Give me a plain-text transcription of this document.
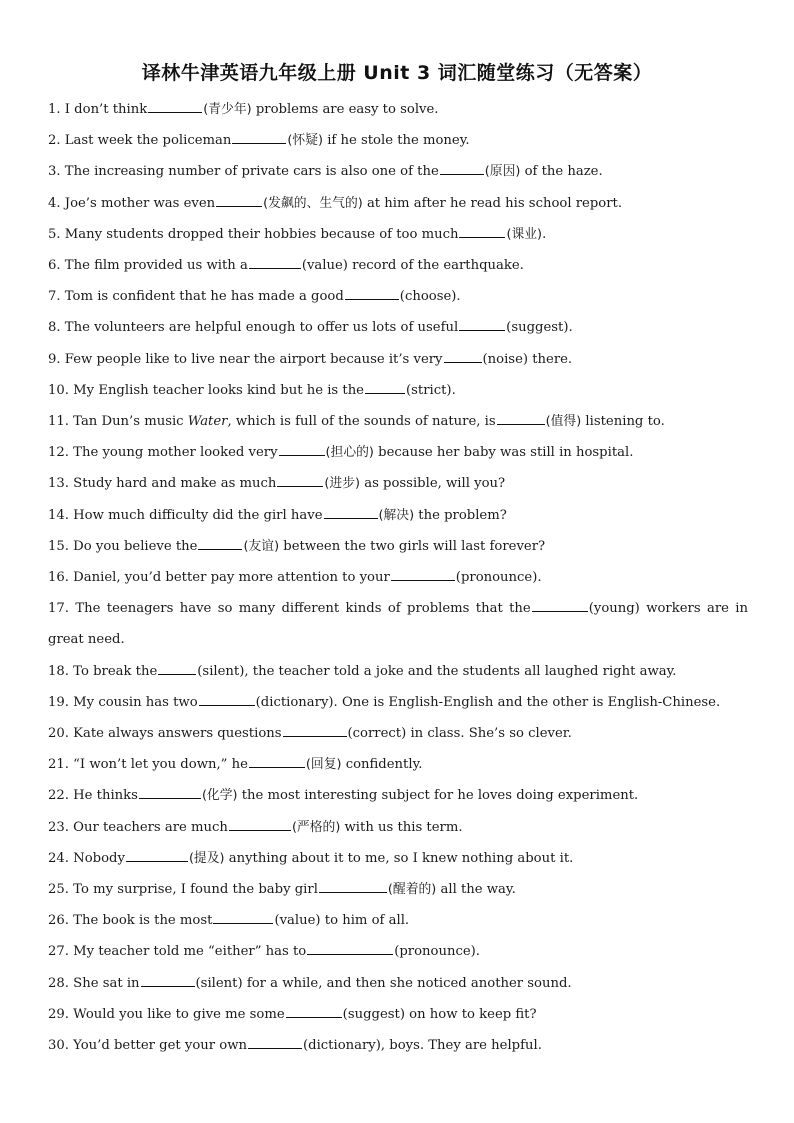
译林牛津英语九年级上册 Unit 3 词汇随堂练习（无答案）
1. I don’t think	(青少年) problems are easy to solve.
2. Last week the policeman	(怀疑) if he stole the money.
3. The increasing number of private cars is also one of the	(原因) of the haze.
4. Joe’s mother was even	(发飙的、生气的) at him after he read his school report.
5. Many students dropped their hobbies because of too much	(课业).
6. The film provided us with a	(value) record of the earthquake.
7. Tom is confident that he has made a good	(choose).
8. The volunteers are helpful enough to offer us lots of useful	(suggest).
9. Few people like to live near the airport because it’s very	(noise) there.
10. My English teacher looks kind but he is the	(strict).
11. Tan Dun’s music Water, which is full of the sounds of nature, is	(值得) listening to.
12. The young mother looked very	(担心的) because her baby was still in hospital.
13. Study hard and make as much	(进步) as possible, will you?
14. How much difficulty did the girl have	(解决) the problem?
15. Do you believe the	(友谊) between the two girls will last forever?
16. Daniel, you’d better pay more attention to your	(pronounce).
17. The teenagers have so many different kinds of problems that the	(young) workers are in great need.
18. To break the	(silent), the teacher told a joke and the students all laughed right away.
19. My cousin has two	(dictionary). One is English-English and the other is English-Chinese.
20. Kate always answers questions	(correct) in class. She’s so clever.
21. “I won’t let you down,” he	(回复) confidently.
22. He thinks	(化学) the most interesting subject for he loves doing experiment.
23. Our teachers are much	(严格的) with us this term.
24. Nobody	(提及) anything about it to me, so I knew nothing about it.
25. To my surprise, I found the baby girl	(醒着的) all the way.
26. The book is the most	(value) to him of all.
27. My teacher told me “either” has to	(pronounce).
28. She sat in	(silent) for a while, and then she noticed another sound.
29. Would you like to give me some	(suggest) on how to keep fit?
30. You’d better get your own	(dictionary), boys. They are helpful.
